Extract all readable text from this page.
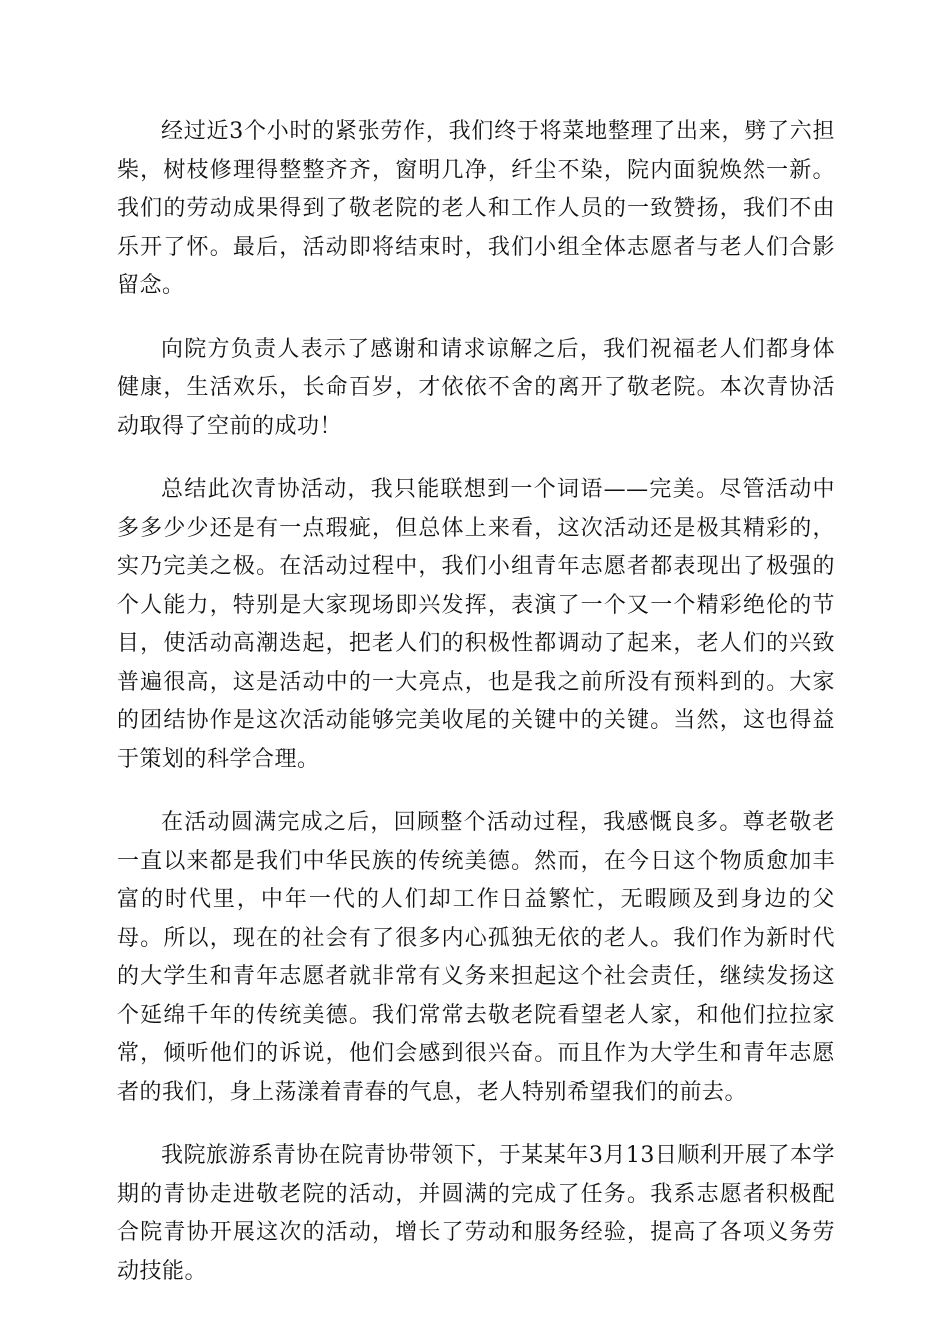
经过近3个小时的紧张劳作，我们终于将菜地整理了出来，劈了六担柴，树枝修理得整整齐齐，窗明几净，纤尘不染，院内面貌焕然一新。我们的劳动成果得到了敬老院的老人和工作人员的一致赞扬，我们不由乐开了怀。最后，活动即将结束时，我们小组全体志愿者与老人们合影留念。

向院方负责人表示了感谢和请求谅解之后，我们祝福老人们都身体健康，生活欢乐，长命百岁，才依依不舍的离开了敬老院。本次青协活动取得了空前的成功！

总结此次青协活动，我只能联想到一个词语——完美。尽管活动中多多少少还是有一点瑕疵，但总体上来看，这次活动还是极其精彩的，实乃完美之极。在活动过程中，我们小组青年志愿者都表现出了极强的个人能力，特别是大家现场即兴发挥，表演了一个又一个精彩绝伦的节目，使活动高潮迭起，把老人们的积极性都调动了起来，老人们的兴致普遍很高，这是活动中的一大亮点，也是我之前所没有预料到的。大家的团结协作是这次活动能够完美收尾的关键中的关键。当然，这也得益于策划的科学合理。

在活动圆满完成之后，回顾整个活动过程，我感慨良多。尊老敬老一直以来都是我们中华民族的传统美德。然而，在今日这个物质愈加丰富的时代里，中年一代的人们却工作日益繁忙，无暇顾及到身边的父母。所以，现在的社会有了很多内心孤独无依的老人。我们作为新时代的大学生和青年志愿者就非常有义务来担起这个社会责任，继续发扬这个延绵千年的传统美德。我们常常去敬老院看望老人家，和他们拉拉家常，倾听他们的诉说，他们会感到很兴奋。而且作为大学生和青年志愿者的我们，身上荡漾着青春的气息，老人特别希望我们的前去。

我院旅游系青协在院青协带领下，于某某年3月13日顺利开展了本学期的青协走进敬老院的活动，并圆满的完成了任务。我系志愿者积极配合院青协开展这次的活动，增长了劳动和服务经验，提高了各项义务劳动技能。
